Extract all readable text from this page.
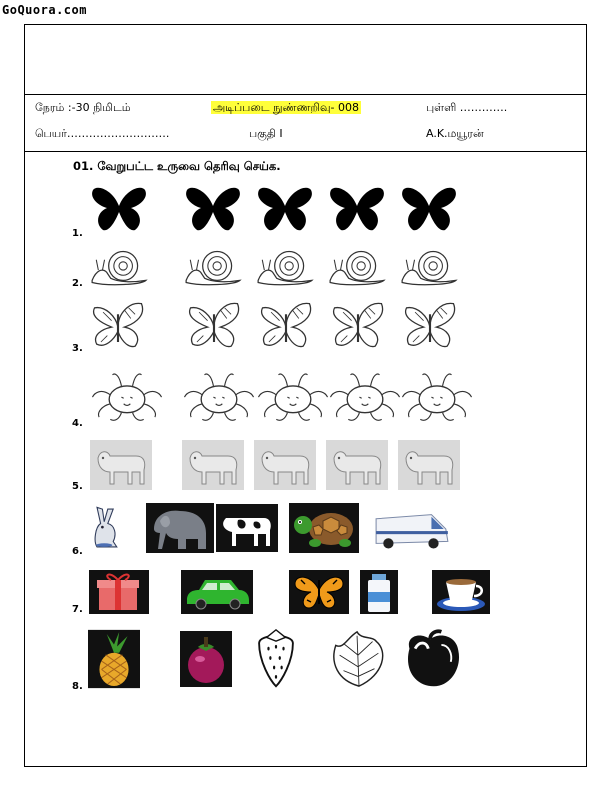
GoQuora.com
நேரம் :-30 நிமிடம்	அடிப்படை நுண்ணறிவு- 008	புள்ளி ………….
பெயர்……………………….	பகுதி I	A.K.மயூரன்
01. வேறுபட்ட உருவை தெரிவு செய்க.
1.
2.
3.
4.
5.
6.
7.
8.
